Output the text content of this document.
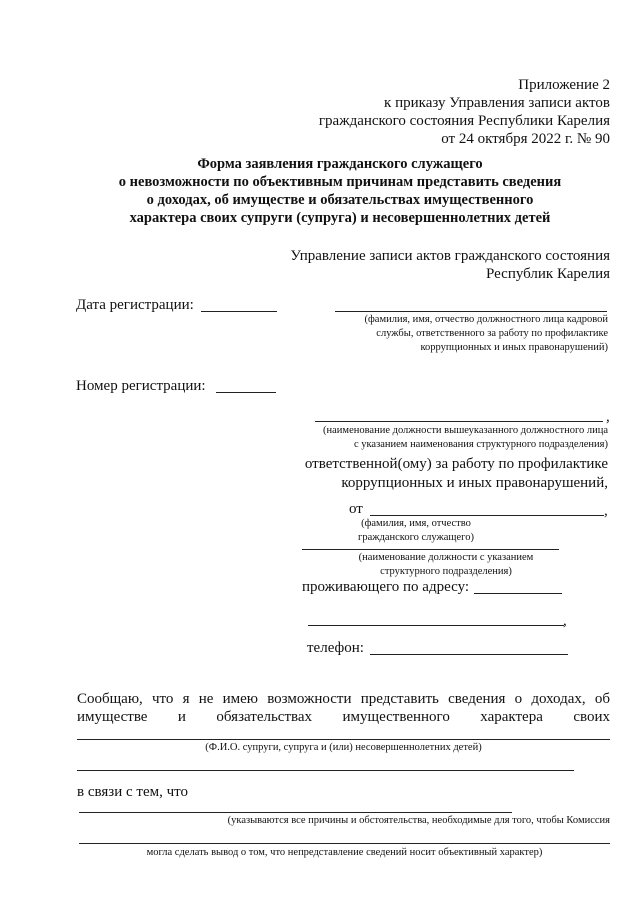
Приложение 2
к приказу Управления записи актов
гражданского состояния Республики Карелия
от 24 октября 2022 г. № 90
Форма заявления гражданского служащего
о невозможности по объективным причинам представить сведения
о доходах, об имуществе и обязательствах имущественного
характера своих супруги (супруга) и несовершеннолетних детей
Управление записи актов гражданского состояния
Республик Карелия
Дата регистрации:
(фамилия, имя, отчество должностного лица кадровой
службы, ответственного за работу по профилактике
коррупционных и иных правонарушений)
Номер регистрации:
,
(наименование должности вышеуказанного должностного лица
с указанием наименования структурного подразделения)
ответственной(ому) за работу по профилактике
коррупционных и иных правонарушений,
от	,
(фамилия, имя, отчество
гражданского служащего)
(наименование должности с указанием
структурного подразделения)
проживающего по адресу:
,
телефон:
Сообщаю, что я не имею возможности представить сведения о доходах, об
имуществе и обязательствах имущественного характера своих
(Ф.И.О. супруги, супруга и (или) несовершеннолетних детей)
в связи с тем, что
(указываются все причины и обстоятельства, необходимые для того, чтобы Комиссия
могла сделать вывод о том, что непредставление сведений носит объективный характер)
